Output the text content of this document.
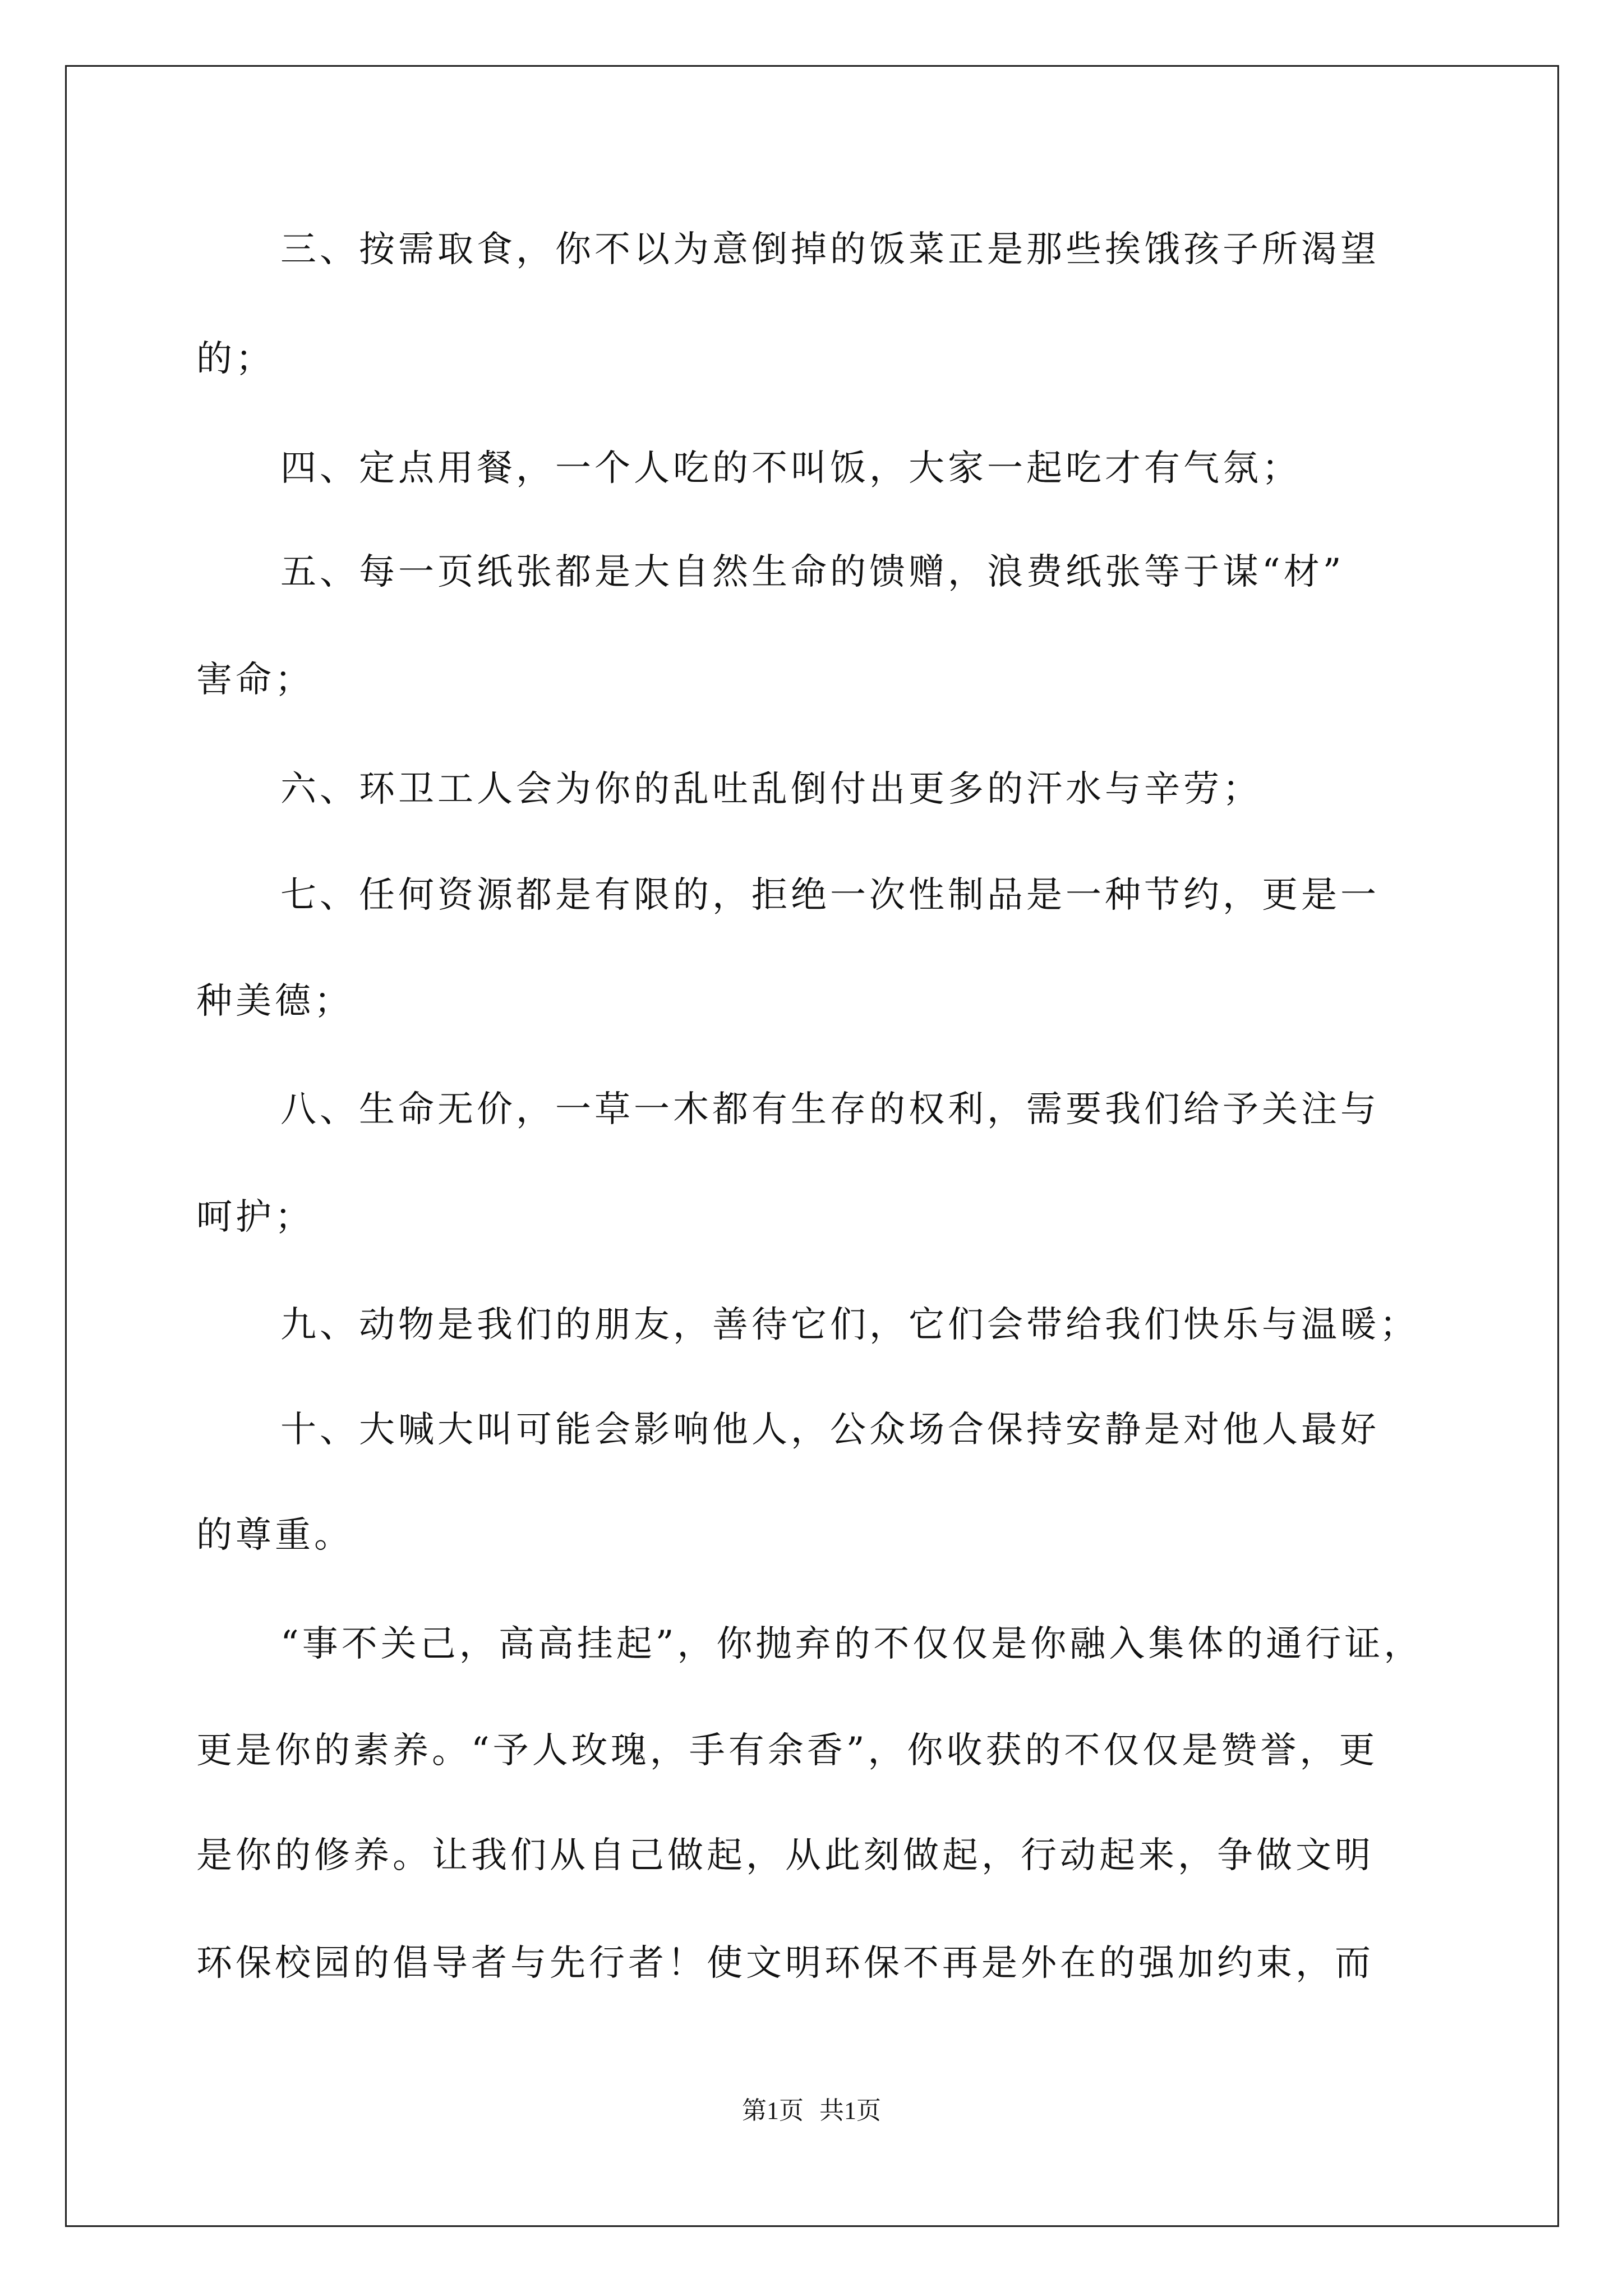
三、按需取食，你不以为意倒掉的饭菜正是那些挨饿孩子所渴望
的；
四、定点用餐，一个人吃的不叫饭，大家一起吃才有气氛；
五、每一页纸张都是大自然生命的馈赠，浪费纸张等于谋“材”
害命；
六、环卫工人会为你的乱吐乱倒付出更多的汗水与辛劳；
七、任何资源都是有限的，拒绝一次性制品是一种节约，更是一
种美德；
八、生命无价，一草一木都有生存的权利，需要我们给予关注与
呵护；
九、动物是我们的朋友，善待它们，它们会带给我们快乐与温暖；
十、大喊大叫可能会影响他人，公众场合保持安静是对他人最好
的尊重。
“事不关己，高高挂起”，你抛弃的不仅仅是你融入集体的通行证，
更是你的素养。“予人玫瑰，手有余香”，你收获的不仅仅是赞誉，更
是你的修养。让我们从自己做起，从此刻做起，行动起来，争做文明
环保校园的倡导者与先行者！使文明环保不再是外在的强加约束，而
第1页 共1页
